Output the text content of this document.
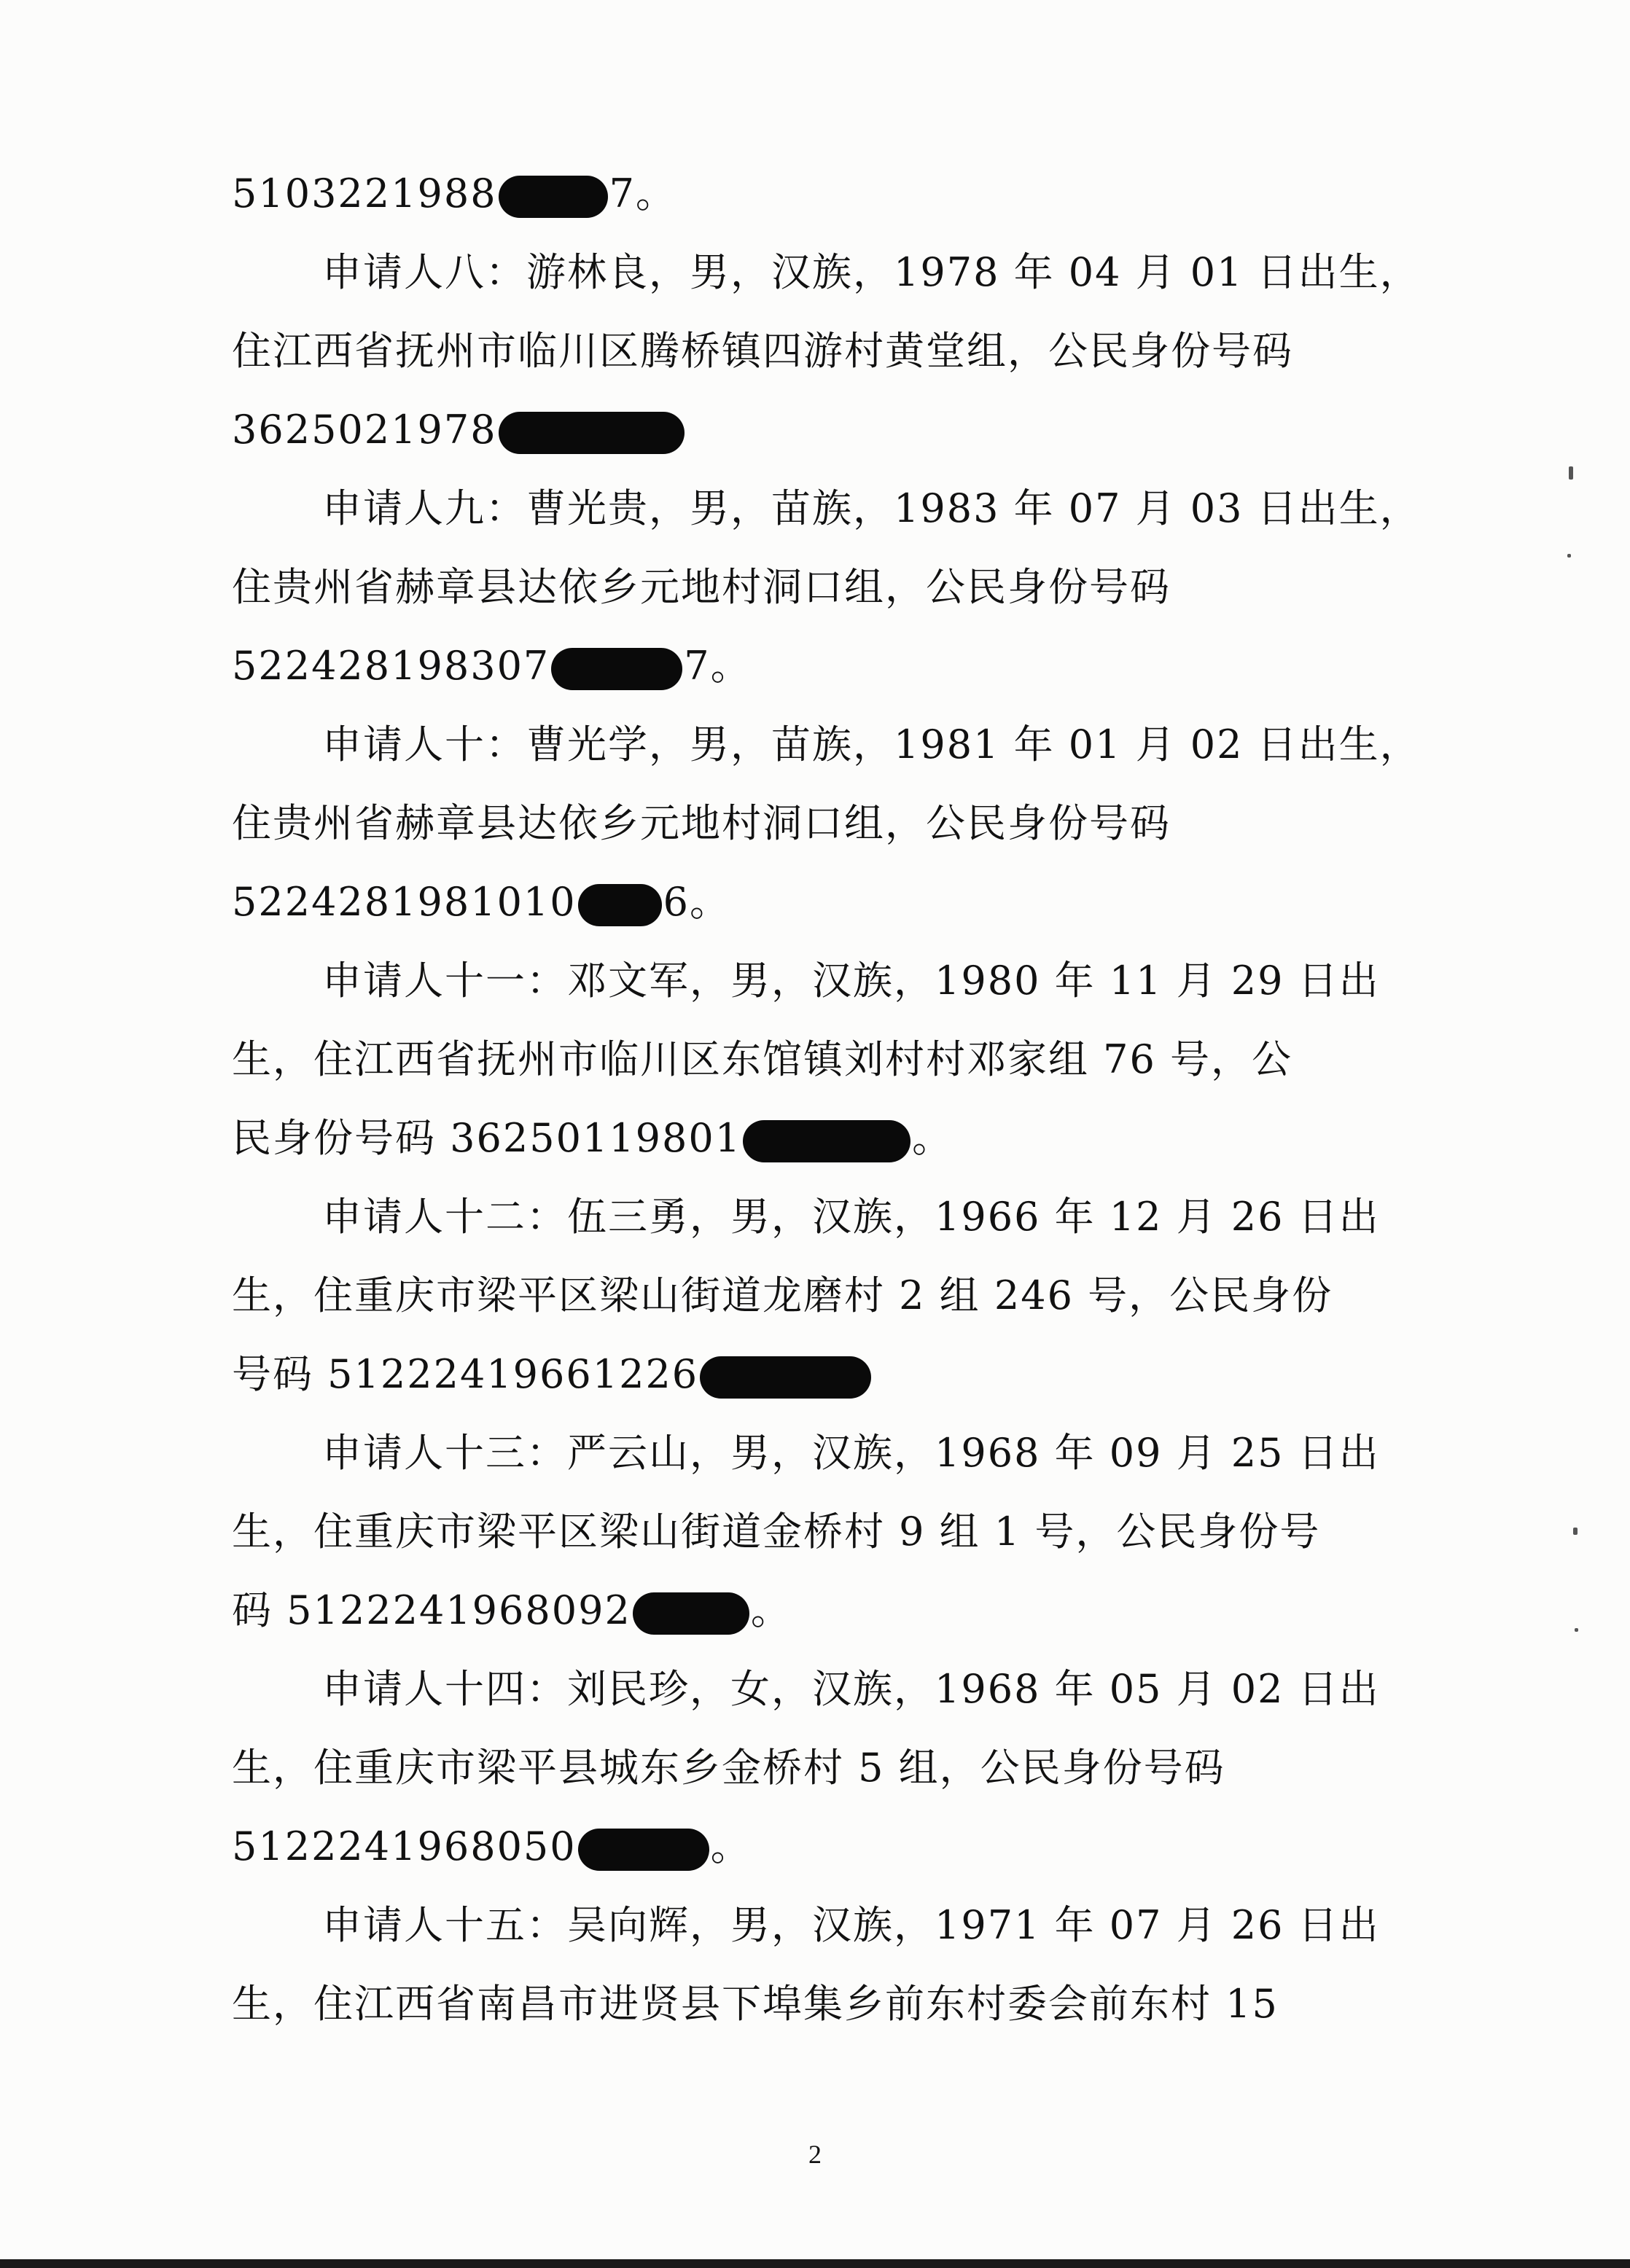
5103221988	7。
申请人八：游林良，男，汉族，1978 年 04 月 01 日出生，
住江西省抚州市临川区腾桥镇四游村黄堂组，公民身份号码
3625021978
申请人九：曹光贵，男，苗族，1983 年 07 月 03 日出生，
住贵州省赫章县达依乡元地村洞口组，公民身份号码
522428198307	7。
申请人十：曹光学，男，苗族，1981 年 01 月 02 日出生，
住贵州省赫章县达依乡元地村洞口组，公民身份号码
5224281981010 6。
申请人十一：邓文军，男，汉族，1980 年 11 月 29 日出
生，住江西省抚州市临川区东馆镇刘村村邓家组 76 号，公
民身份号码 36250119801	。
申请人十二：伍三勇，男，汉族，1966 年 12 月 26 日出
生，住重庆市梁平区梁山街道龙磨村 2 组 246 号，公民身份
号码 51222419661226
申请人十三：严云山，男，汉族，1968 年 09 月 25 日出
生，住重庆市梁平区梁山街道金桥村 9 组 1 号，公民身份号
码 5122241968092	。
申请人十四：刘民珍，女，汉族，1968 年 05 月 02 日出
生，住重庆市梁平县城东乡金桥村 5 组，公民身份号码
5122241968050	。
申请人十五：吴向辉，男，汉族，1971 年 07 月 26 日出
生，住江西省南昌市进贤县下埠集乡前东村委会前东村 15
2
